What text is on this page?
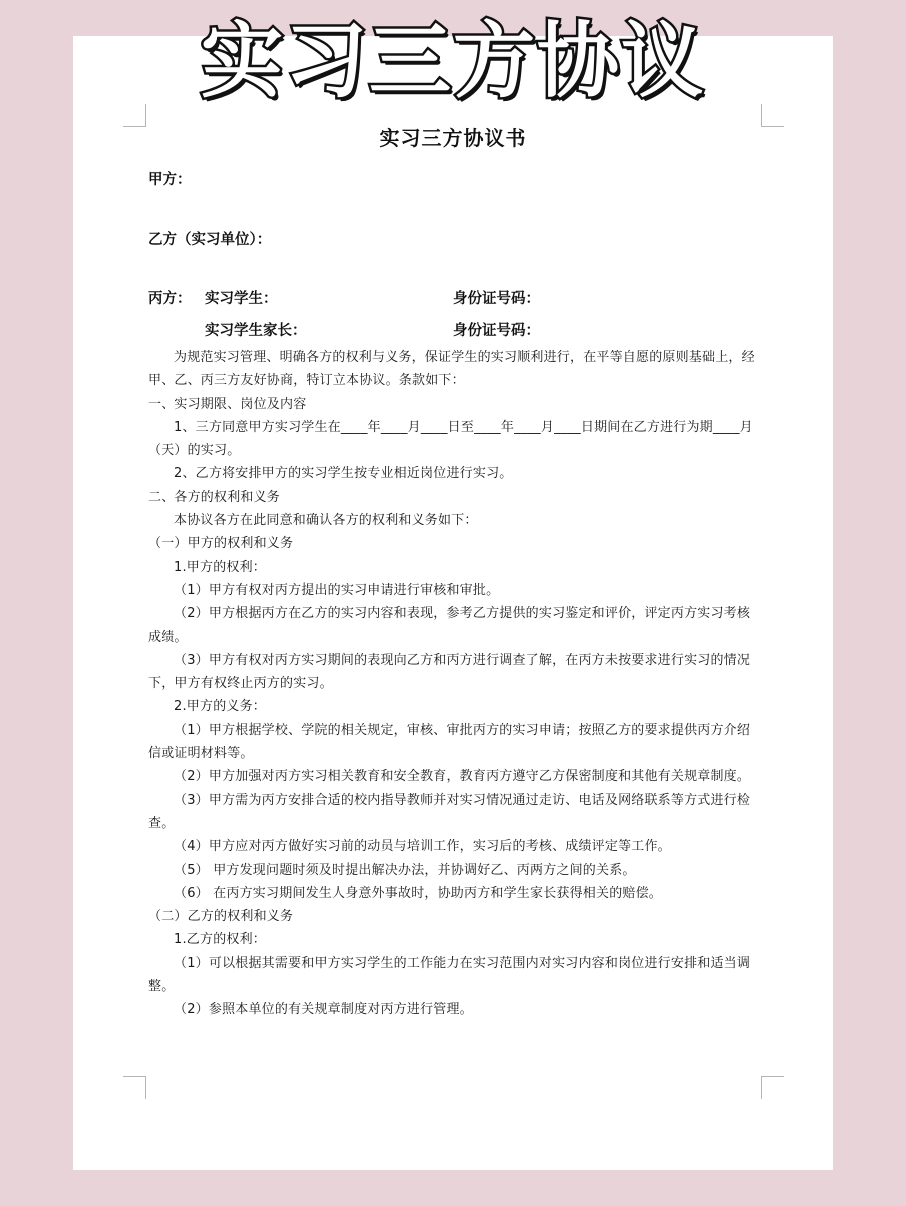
实习三方协议
实习三方协议书
甲方：
乙方（实习单位）：
丙方： 实习学生：	身份证号码：
实习学生家长：	身份证号码：

为规范实习管理、明确各方的权利与义务，保证学生的实习顺利进行，在平等自愿的原则基础上，经甲、乙、丙三方友好协商，特订立本协议。条款如下：

一、实习期限、岗位及内容

1、三方同意甲方实习学生在____年____月____日至____年____月____日期间在乙方进行为期____月（天）的实习。

2、乙方将安排甲方的实习学生按专业相近岗位进行实习。

二、各方的权利和义务

本协议各方在此同意和确认各方的权利和义务如下：

（一）甲方的权利和义务

1.甲方的权利：

（1）甲方有权对丙方提出的实习申请进行审核和审批。

（2）甲方根据丙方在乙方的实习内容和表现，参考乙方提供的实习鉴定和评价，评定丙方实习考核成绩。

（3）甲方有权对丙方实习期间的表现向乙方和丙方进行调查了解，在丙方未按要求进行实习的情况下，甲方有权终止丙方的实习。

2.甲方的义务：

（1）甲方根据学校、学院的相关规定，审核、审批丙方的实习申请；按照乙方的要求提供丙方介绍信或证明材料等。

（2）甲方加强对丙方实习相关教育和安全教育，教育丙方遵守乙方保密制度和其他有关规章制度。

（3）甲方需为丙方安排合适的校内指导教师并对实习情况通过走访、电话及网络联系等方式进行检查。

（4）甲方应对丙方做好实习前的动员与培训工作，实习后的考核、成绩评定等工作。

（5） 甲方发现问题时须及时提出解决办法，并协调好乙、丙两方之间的关系。

（6） 在丙方实习期间发生人身意外事故时，协助丙方和学生家长获得相关的赔偿。

（二）乙方的权利和义务

1.乙方的权利：

（1）可以根据其需要和甲方实习学生的工作能力在实习范围内对实习内容和岗位进行安排和适当调整。

（2）参照本单位的有关规章制度对丙方进行管理。
